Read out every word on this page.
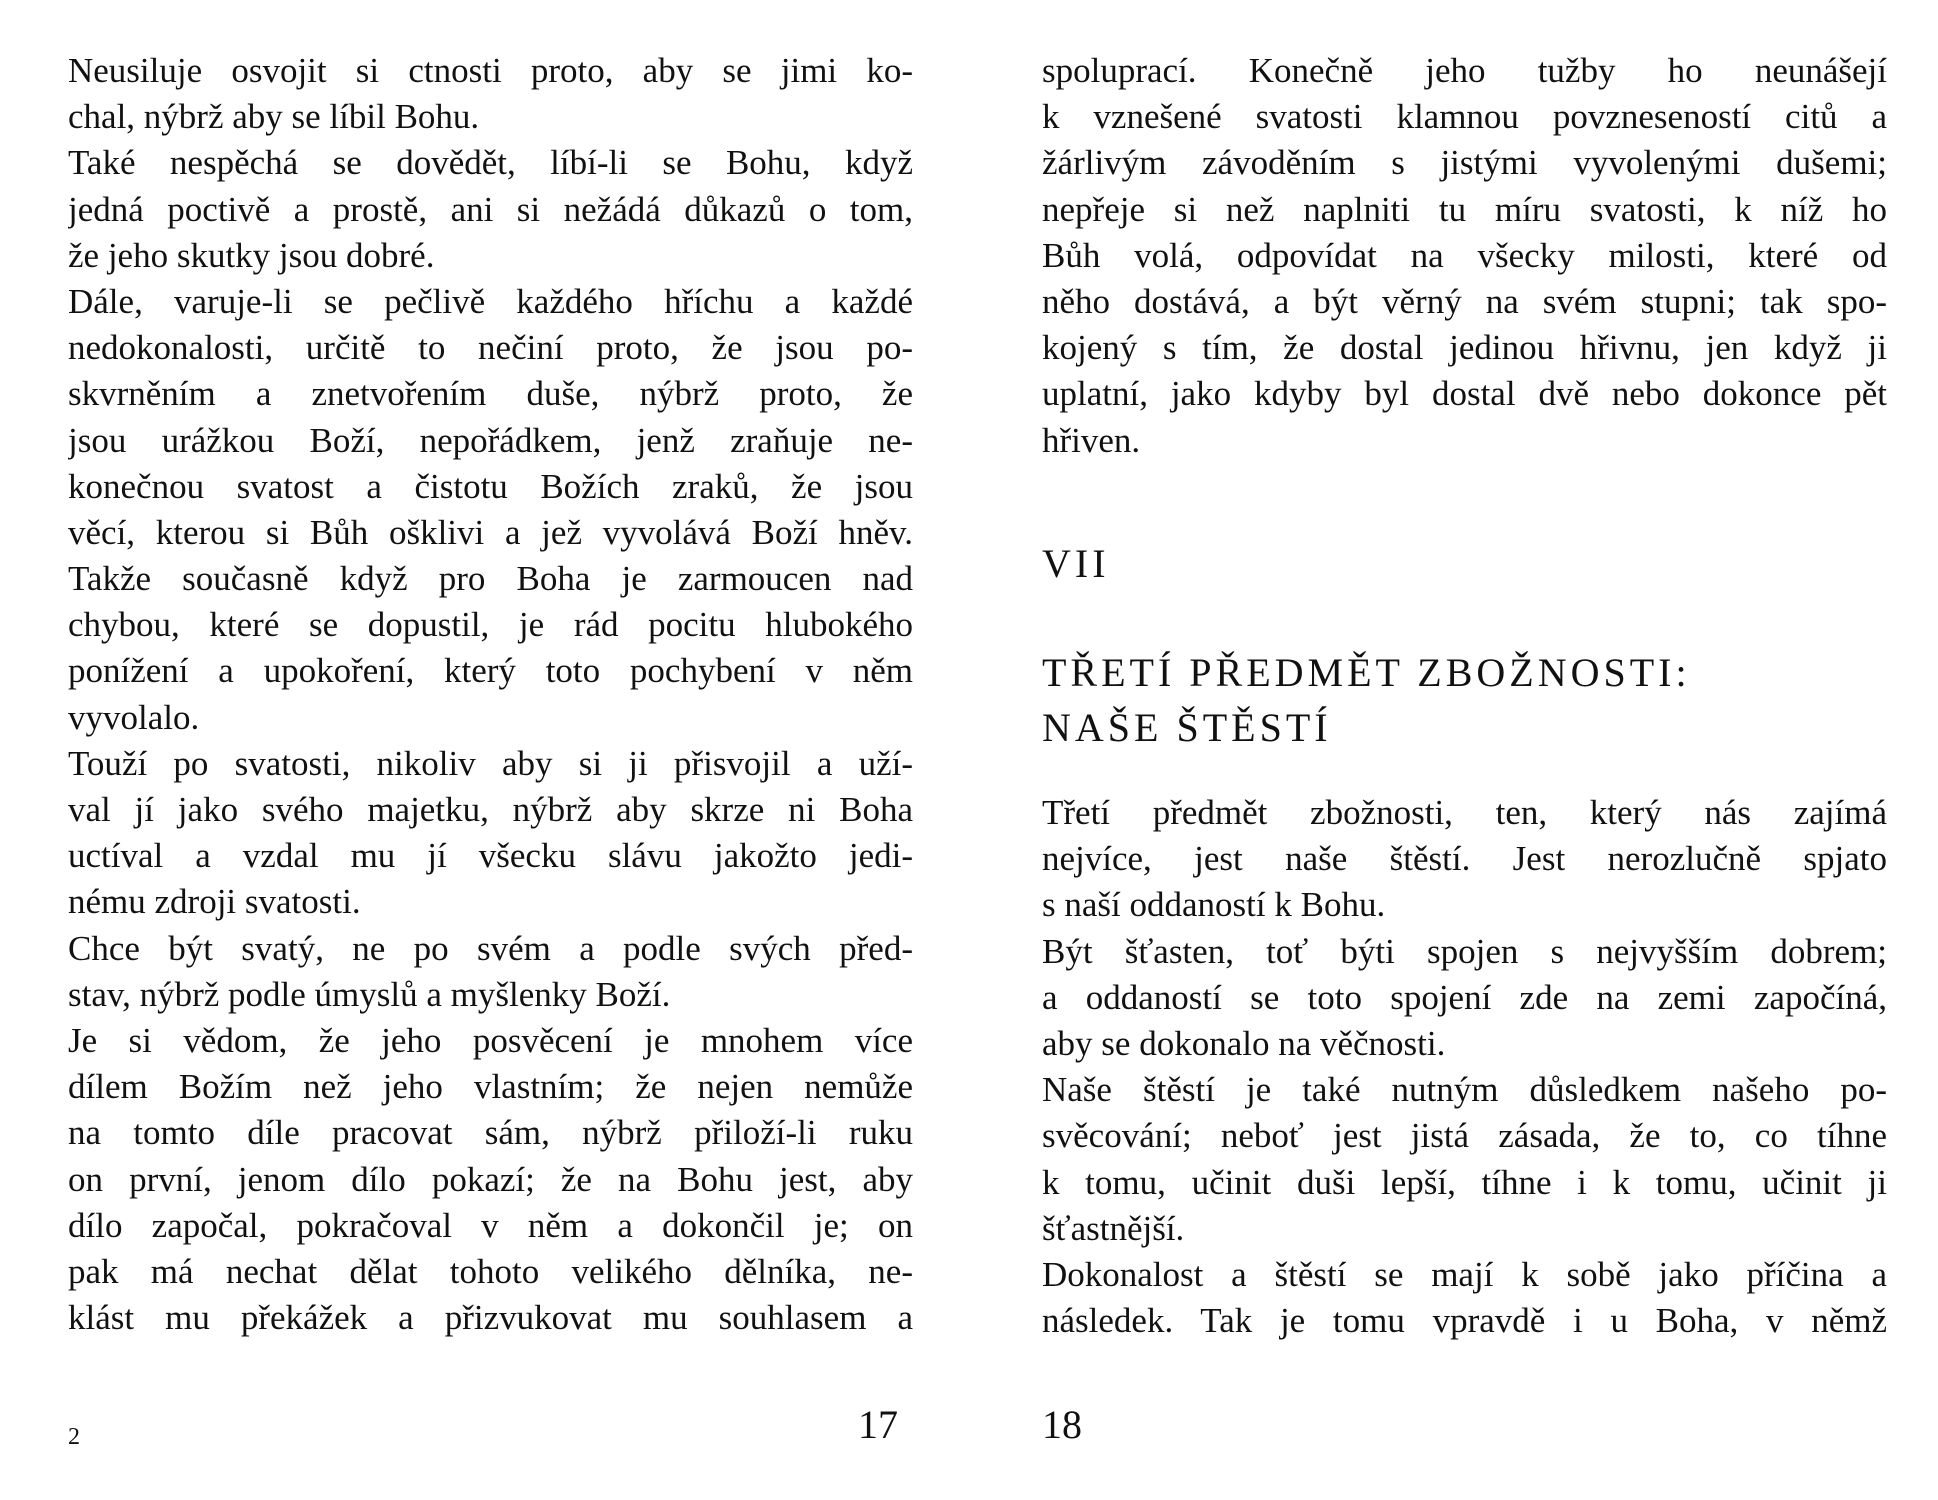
Neusiluje osvojit si ctnosti proto, aby se jimi ko-
chal, nýbrž aby se líbil Bohu.
Také nespěchá se dovědět, líbí-li se Bohu, když
jedná poctivě a prostě, ani si nežádá důkazů o tom,
že jeho skutky jsou dobré.
Dále, varuje-li se pečlivě každého hříchu a každé
nedokonalosti, určitě to nečiní proto, že jsou po-
skvrněním a znetvořením duše, nýbrž proto, že
jsou urážkou Boží, nepořádkem, jenž zraňuje ne-
konečnou svatost a čistotu Božích zraků, že jsou
věcí, kterou si Bůh ošklivi a jež vyvolává Boží hněv.
Takže současně když pro Boha je zarmoucen nad
chybou, které se dopustil, je rád pocitu hlubokého
ponížení a upokoření, který toto pochybení v něm
vyvolalo.
Touží po svatosti, nikoliv aby si ji přisvojil a uží-
val jí jako svého majetku, nýbrž aby skrze ni Boha
uctíval a vzdal mu jí všecku slávu jakožto jedi-
nému zdroji svatosti.
Chce být svatý, ne po svém a podle svých před-
stav, nýbrž podle úmyslů a myšlenky Boží.
Je si vědom, že jeho posvěcení je mnohem více
dílem Božím než jeho vlastním; že nejen nemůže
na tomto díle pracovat sám, nýbrž přiloží-li ruku
on první, jenom dílo pokazí; že na Bohu jest, aby
dílo započal, pokračoval v něm a dokončil je; on
pak má nechat dělat tohoto velikého dělníka, ne-
klást mu překážek a přizvukovat mu souhlasem a
2	17
spoluprací. Konečně jeho tužby ho neunášejí
k vznešené svatosti klamnou povzneseností citů a
žárlivým závoděním s jistými vyvolenými dušemi;
nepřeje si než naplniti tu míru svatosti, k níž ho
Bůh volá, odpovídat na všecky milosti, které od
něho dostává, a být věrný na svém stupni; tak spo-
kojený s tím, že dostal jedinou hřivnu, jen když ji
uplatní, jako kdyby byl dostal dvě nebo dokonce pět
hřiven.
VII
TŘETÍ PŘEDMĚT ZBOŽNOSTI:
NAŠE ŠTĚSTÍ
Třetí předmět zbožnosti, ten, který nás zajímá
nejvíce, jest naše štěstí. Jest nerozlučně spjato
s naší oddaností k Bohu.
Být šťasten, toť býti spojen s nejvyšším dobrem;
a oddaností se toto spojení zde na zemi započíná,
aby se dokonalo na věčnosti.
Naše štěstí je také nutným důsledkem našeho po-
svěcování; neboť jest jistá zásada, že to, co tíhne
k tomu, učinit duši lepší, tíhne i k tomu, učinit ji
šťastnější.
Dokonalost a štěstí se mají k sobě jako příčina a
následek. Tak je tomu vpravdě i u Boha, v němž
18
